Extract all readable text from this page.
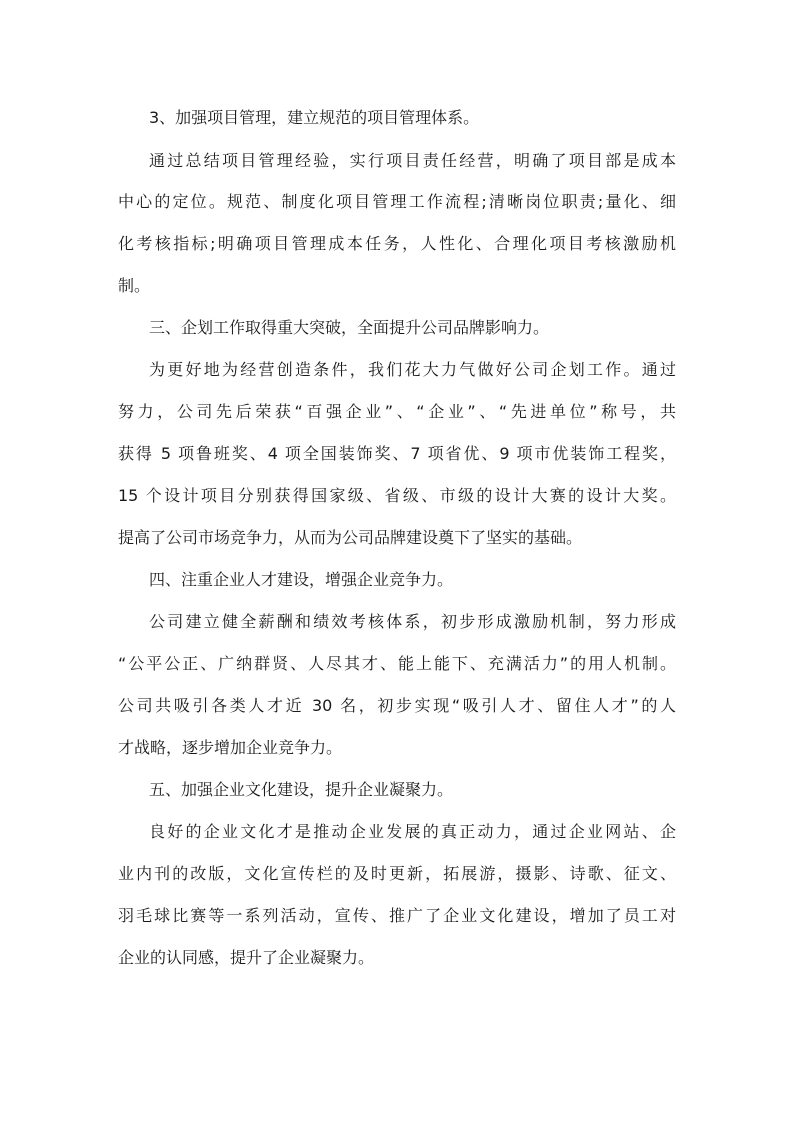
3、加强项目管理，建立规范的项目管理体系。

通过总结项目管理经验，实行项目责任经营，明确了项目部是成本

中心的定位。规范、制度化项目管理工作流程;清晰岗位职责;量化、细

化考核指标;明确项目管理成本任务，人性化、合理化项目考核激励机

制。

三、企划工作取得重大突破，全面提升公司品牌影响力。

为更好地为经营创造条件，我们花大力气做好公司企划工作。通过

努力，公司先后荣获“百强企业”、“企业”、“先进单位”称号，共

获得 5 项鲁班奖、4 项全国装饰奖、7 项省优、9 项市优装饰工程奖，

15 个设计项目分别获得国家级、省级、市级的设计大赛的设计大奖。

提高了公司市场竞争力，从而为公司品牌建设奠下了坚实的基础。

四、注重企业人才建设，增强企业竞争力。

公司建立健全薪酬和绩效考核体系，初步形成激励机制，努力形成

“公平公正、广纳群贤、人尽其才、能上能下、充满活力”的用人机制。

公司共吸引各类人才近 30 名，初步实现“吸引人才、留住人才”的人

才战略，逐步增加企业竞争力。

五、加强企业文化建设，提升企业凝聚力。

良好的企业文化才是推动企业发展的真正动力，通过企业网站、企

业内刊的改版，文化宣传栏的及时更新，拓展游，摄影、诗歌、征文、

羽毛球比赛等一系列活动，宣传、推广了企业文化建设，增加了员工对

企业的认同感，提升了企业凝聚力。
